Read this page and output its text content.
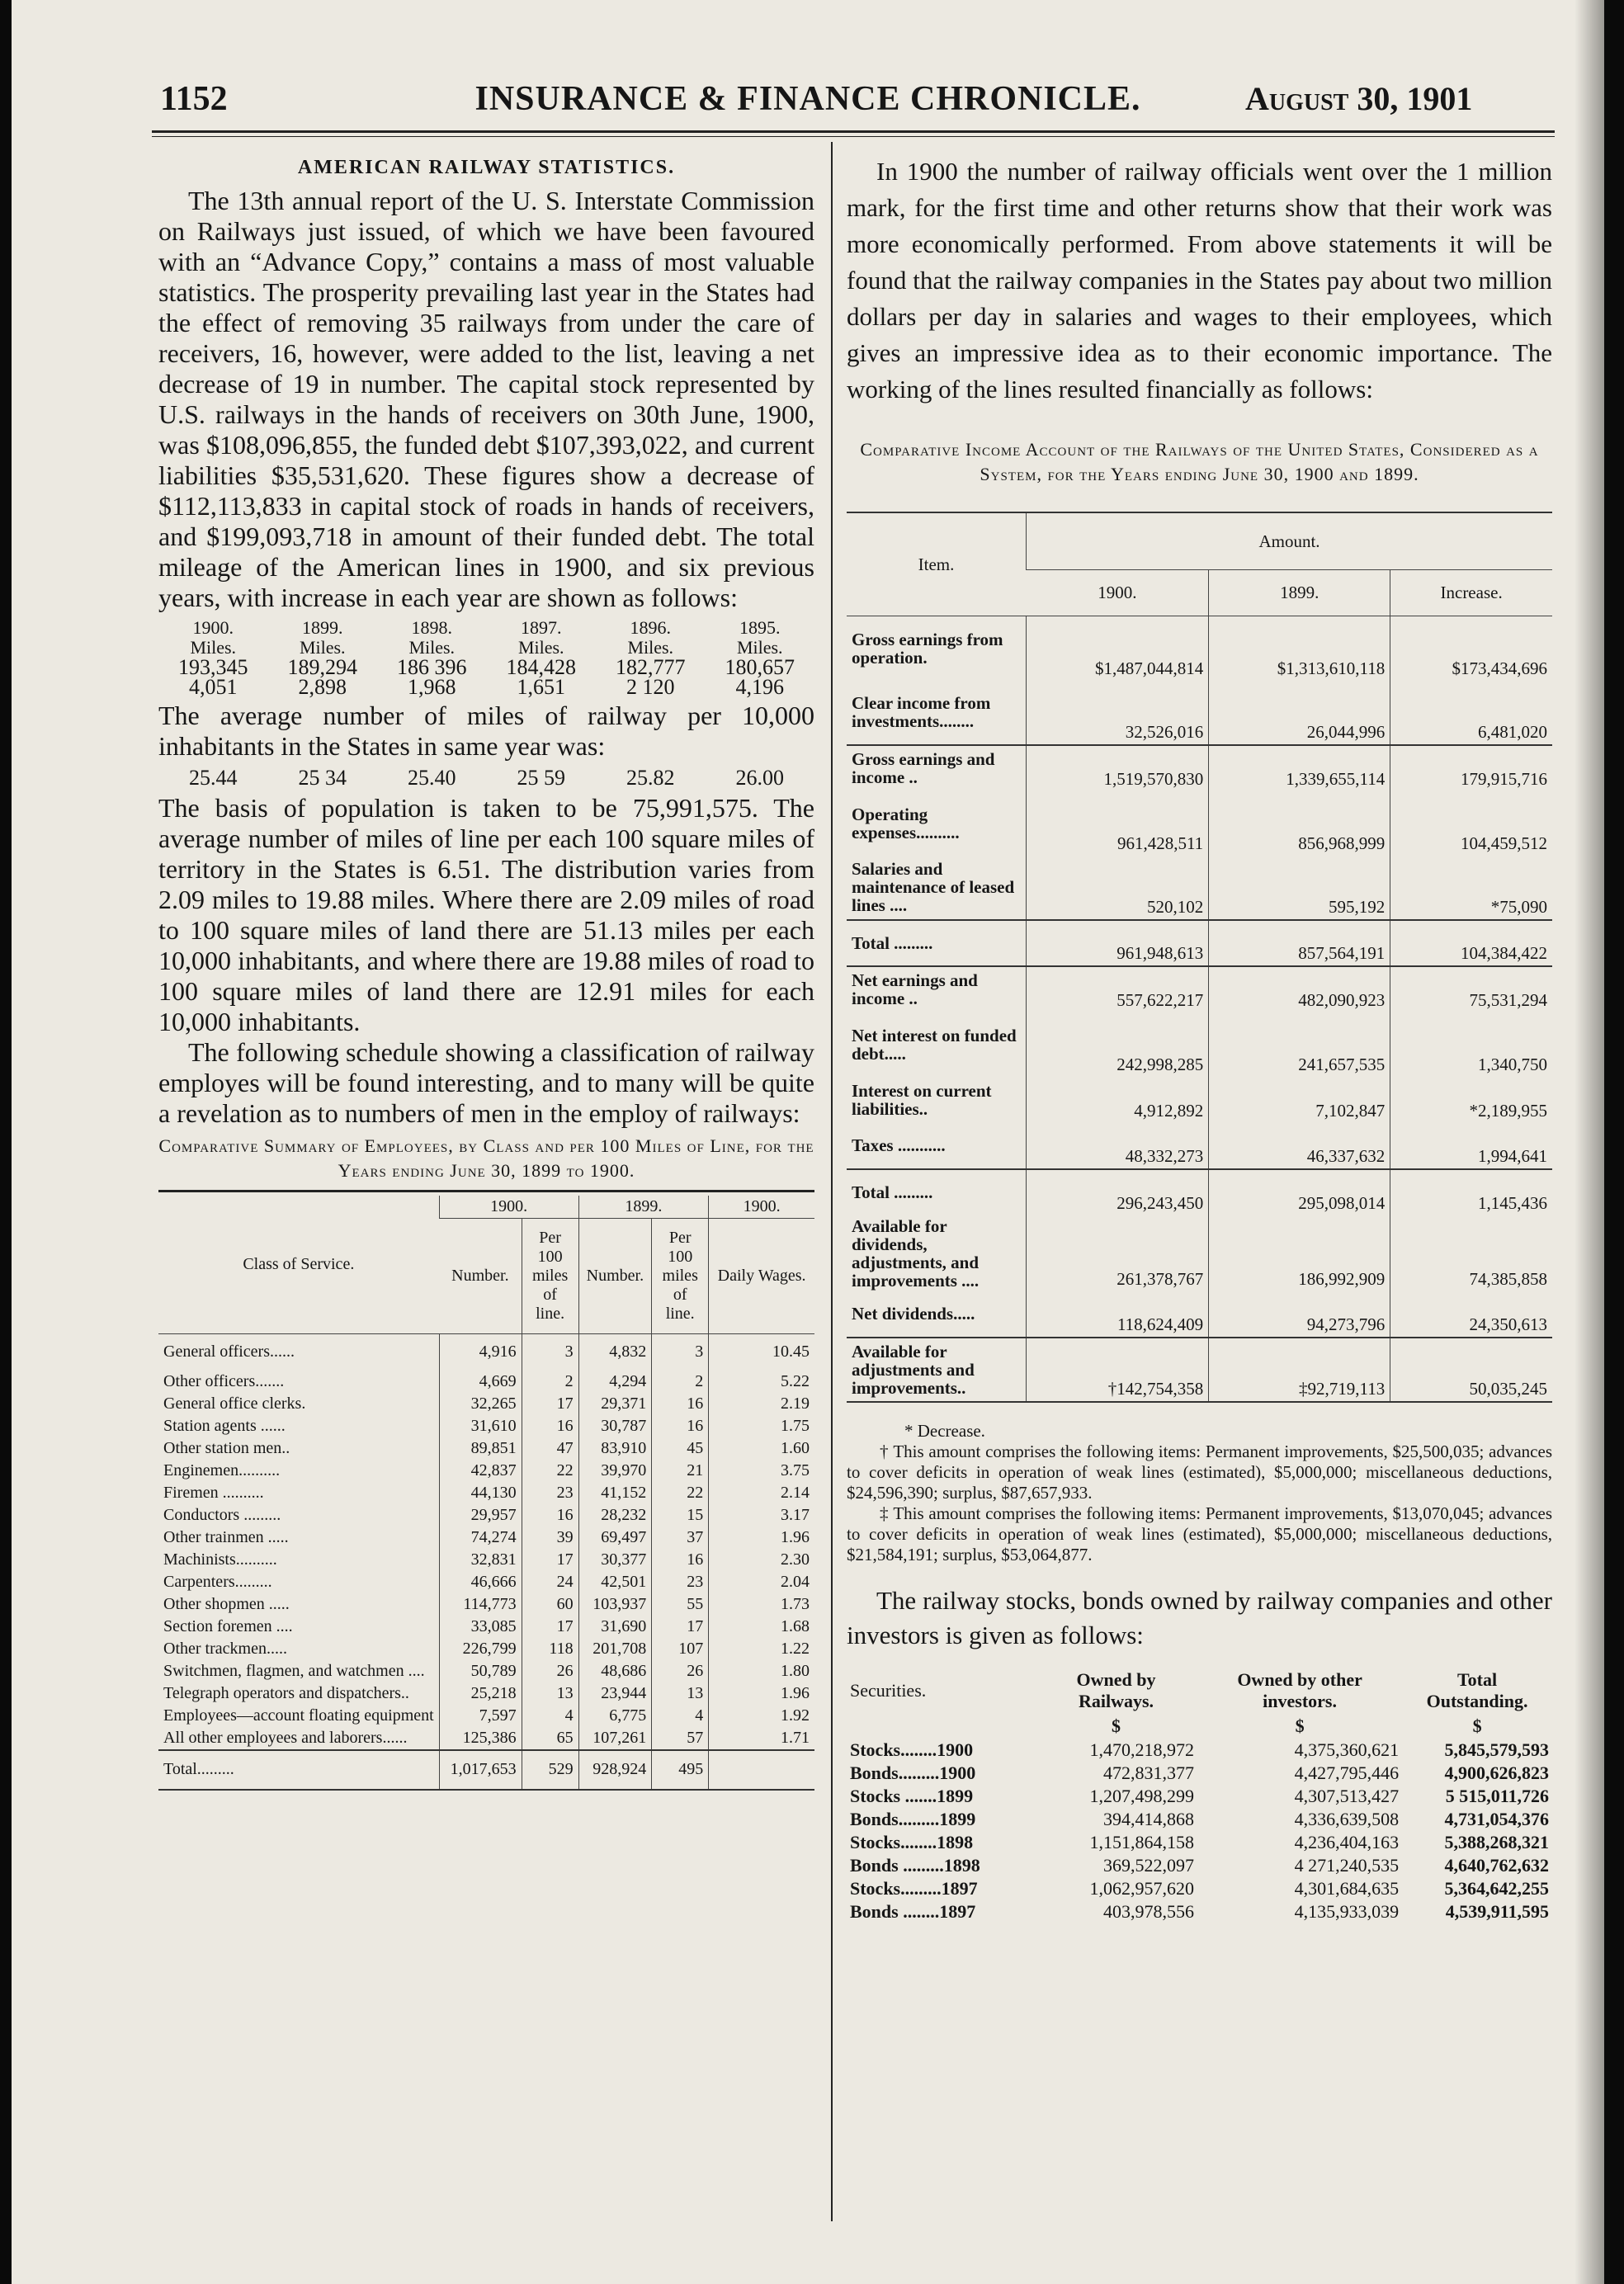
1152	INSURANCE & FINANCE CHRONICLE.	August 30, 1901
AMERICAN RAILWAY STATISTICS.

The 13th annual report of the U. S. Interstate Commission on Railways just issued, of which we have been favoured with an “Advance Copy,” contains a mass of most valuable statistics. The prosperity prevailing last year in the States had the effect of removing 35 railways from under the care of receivers, 16, however, were added to the list, leaving a net decrease of 19 in number. The capital stock represented by U.S. railways in the hands of receivers on 30th June, 1900, was $108,096,855, the funded debt $107,393,022, and current liabilities $35,531,620. These figures show a decrease of $112,113,833 in capital stock of roads in hands of receivers, and $199,093,718 in amount of their funded debt. The total mileage of the American lines in 1900, and six previous years, with increase in each year are shown as follows:

1900.	1899.	1898.	1897.	1896.	1895.
Miles.	Miles.	Miles.	Miles.	Miles.	Miles.
193,345	189,294	186 396	184,428	182,777	180,657
4,051	2,898	1,968	1,651	2 120	4,196

The average number of miles of railway per 10,000 inhabitants in the States in same year was:

25.44	25 34	25.40	25 59	25.82	26.00

The basis of population is taken to be 75,991,575. The average number of miles of line per each 100 square miles of territory in the States is 6.51. The distribution varies from 2.09 miles to 19.88 miles. Where there are 2.09 miles of road to 100 square miles of land there are 51.13 miles per each 10,000 inhabitants, and where there are 19.88 miles of road to 100 square miles of land there are 12.91 miles for each 10,000 inhabitants.

The following schedule showing a classification of railway employes will be found interesting, and to many will be quite a revelation as to numbers of men in the employ of railways:

Comparative Summary of Employees, by Class and per 100 Miles of Line, for the Years ending June 30, 1899 to 1900.
Class of Service.	1900.		1899.		1900.
	Number.	Per 100 miles of line.	Number.	Per 100 miles of line.	Daily Wages.
General officers......	4,916	3	4,832	3	10.45
Other officers.......	4,669	2	4,294	2	5.22
General office clerks.	32,265	17	29,371	16	2.19
Station agents ......	31,610	16	30,787	16	1.75
Other station men..	89,851	47	83,910	45	1.60
Enginemen..........	42,837	22	39,970	21	3.75
Firemen ..........	44,130	23	41,152	22	2.14
Conductors .........	29,957	16	28,232	15	3.17
Other trainmen .....	74,274	39	69,497	37	1.96
Machinists..........	32,831	17	30,377	16	2.30
Carpenters.........	46,666	24	42,501	23	2.04
Other shopmen .....	114,773	60	103,937	55	1.73
Section foremen ....	33,085	17	31,690	17	1.68
Other trackmen.....	226,799	118	201,708	107	1.22
Switchmen, flagmen, and watchmen ....	50,789	26	48,686	26	1.80
Telegraph operators and dispatchers..	25,218	13	23,944	13	1.96
Employees—account floating equipment	7,597	4	6,775	4	1.92
All other employees and laborers......	125,386	65	107,261	57	1.71
Total.........	1,017,653	529	928,924	495	

In 1900 the number of railway officials went over the 1 million mark, for the first time and other returns show that their work was more economically performed. From above statements it will be found that the railway companies in the States pay about two million dollars per day in salaries and wages to their employees, which gives an impressive idea as to their economic importance. The working of the lines resulted financially as follows:

Comparative Income Account of the Railways of the United States, Considered as a System, for the Years ending June 30, 1900 and 1899.
Item.	Amount.		
	1900.	1899.	Increase.
Gross earnings from operation.	$1,487,044,814	$1,313,610,118	$173,434,696
Clear income from investments........	32,526,016	26,044,996	6,481,020
Gross earnings and income ..	1,519,570,830	1,339,655,114	179,915,716
Operating expenses..........	961,428,511	856,968,999	104,459,512
Salaries and maintenance of leased lines ....	520,102	595,192	*75,090
Total .........	961,948,613	857,564,191	104,384,422
Net earnings and income ..	557,622,217	482,090,923	75,531,294
Net interest on funded debt.....	242,998,285	241,657,535	1,340,750
Interest on current liabilities..	4,912,892	7,102,847	*2,189,955
Taxes ...........	48,332,273	46,337,632	1,994,641
Total .........	296,243,450	295,098,014	1,145,436
Available for dividends, adjustments, and improvements ....	261,378,767	186,992,909	74,385,858
Net dividends.....	118,624,409	94,273,796	24,350,613
Available for adjustments and improvements..	†142,754,358	‡92,719,113	50,035,245
* Decrease.
† This amount comprises the following items: Permanent improvements, $25,500,035; advances to cover deficits in operation of weak lines (estimated), $5,000,000; miscellaneous deductions, $24,596,390; surplus, $87,657,933.
‡ This amount comprises the following items: Permanent improvements, $13,070,045; advances to cover deficits in operation of weak lines (estimated), $5,000,000; miscellaneous deductions, $21,584,191; surplus, $53,064,877.

The railway stocks, bonds owned by railway companies and other investors is given as follows:

Securities.	Owned by Railways.	Owned by other investors.	Total Outstanding.
	$	$	$
Stocks........1900	1,470,218,972	4,375,360,621	5,845,579,593
Bonds.........1900	472,831,377	4,427,795,446	4,900,626,823
Stocks .......1899	1,207,498,299	4,307,513,427	5 515,011,726
Bonds.........1899	394,414,868	4,336,639,508	4,731,054,376
Stocks........1898	1,151,864,158	4,236,404,163	5,388,268,321
Bonds .........1898	369,522,097	4 271,240,535	4,640,762,632
Stocks.........1897	1,062,957,620	4,301,684,635	5,364,642,255
Bonds ........1897	403,978,556	4,135,933,039	4,539,911,595
